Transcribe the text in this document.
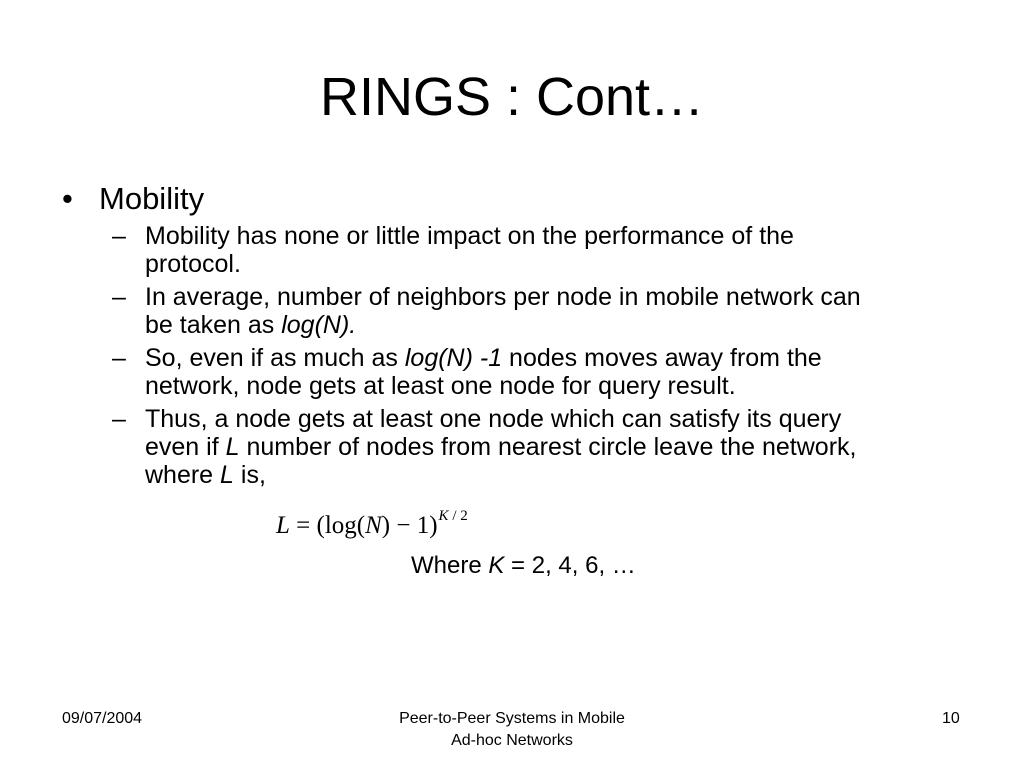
RINGS : Cont…
• Mobility
– Mobility has none or little impact on the performance of the
protocol.
– In average, number of neighbors per node in mobile network can
be taken as log(N).
– So, even if as much as log(N) -1 nodes moves away from the
network, node gets at least one node for query result.
– Thus, a node gets at least one node which can satisfy its query
even if L number of nodes from nearest circle leave the network,
where L is,
$L = (\log(N) - 1)^{K / 2}$
Where K = 2, 4, 6, …
09/07/2004	Peer-to-Peer Systems in Mobile
Ad-hoc Networks
10
